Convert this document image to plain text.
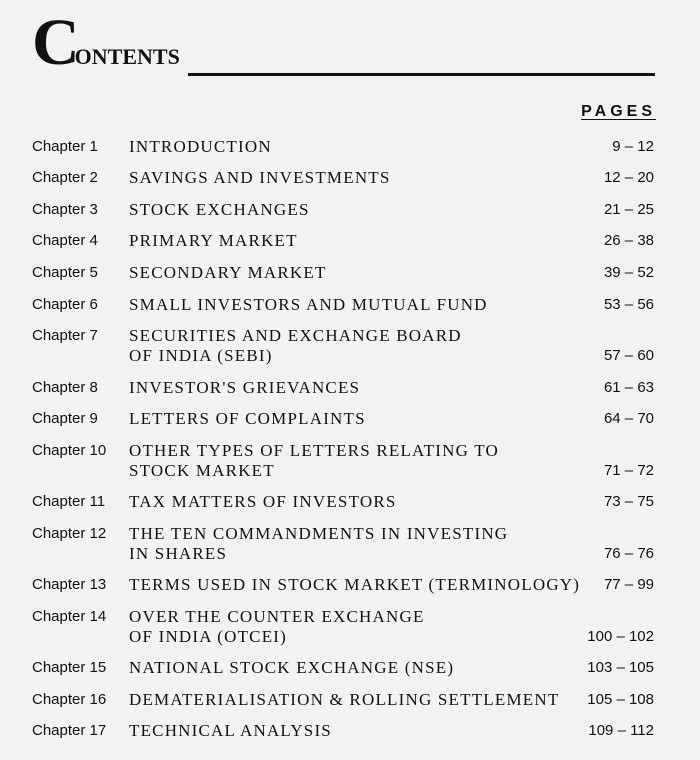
CONTENTS
PAGES
Chapter 1 INTRODUCTION	9 – 12
Chapter 2 SAVINGS AND INVESTMENTS	12 – 20
Chapter 3 STOCK EXCHANGES	21 – 25
Chapter 4 PRIMARY MARKET	26 – 38
Chapter 5 SECONDARY MARKET	39 – 52
Chapter 6 SMALL INVESTORS AND MUTUAL FUND	53 – 56
Chapter 7 SECURITIES AND EXCHANGE BOARD
OF INDIA (SEBI)	57 – 60
Chapter 8 INVESTOR'S GRIEVANCES	61 – 63
Chapter 9 LETTERS OF COMPLAINTS	64 – 70
Chapter 10 OTHER TYPES OF LETTERS RELATING TO
STOCK MARKET	71 – 72
Chapter 11 TAX MATTERS OF INVESTORS	73 – 75
Chapter 12 THE TEN COMMANDMENTS IN INVESTING
IN SHARES	76 – 76
Chapter 13 TERMS USED IN STOCK MARKET (TERMINOLOGY) 77 – 99
Chapter 14 OVER THE COUNTER EXCHANGE
OF INDIA (OTCEI)	100 – 102
Chapter 15 NATIONAL STOCK EXCHANGE (NSE)	103 – 105
Chapter 16 DEMATERIALISATION & ROLLING SETTLEMENT 105 – 108
Chapter 17 TECHNICAL ANALYSIS	109 – 112
